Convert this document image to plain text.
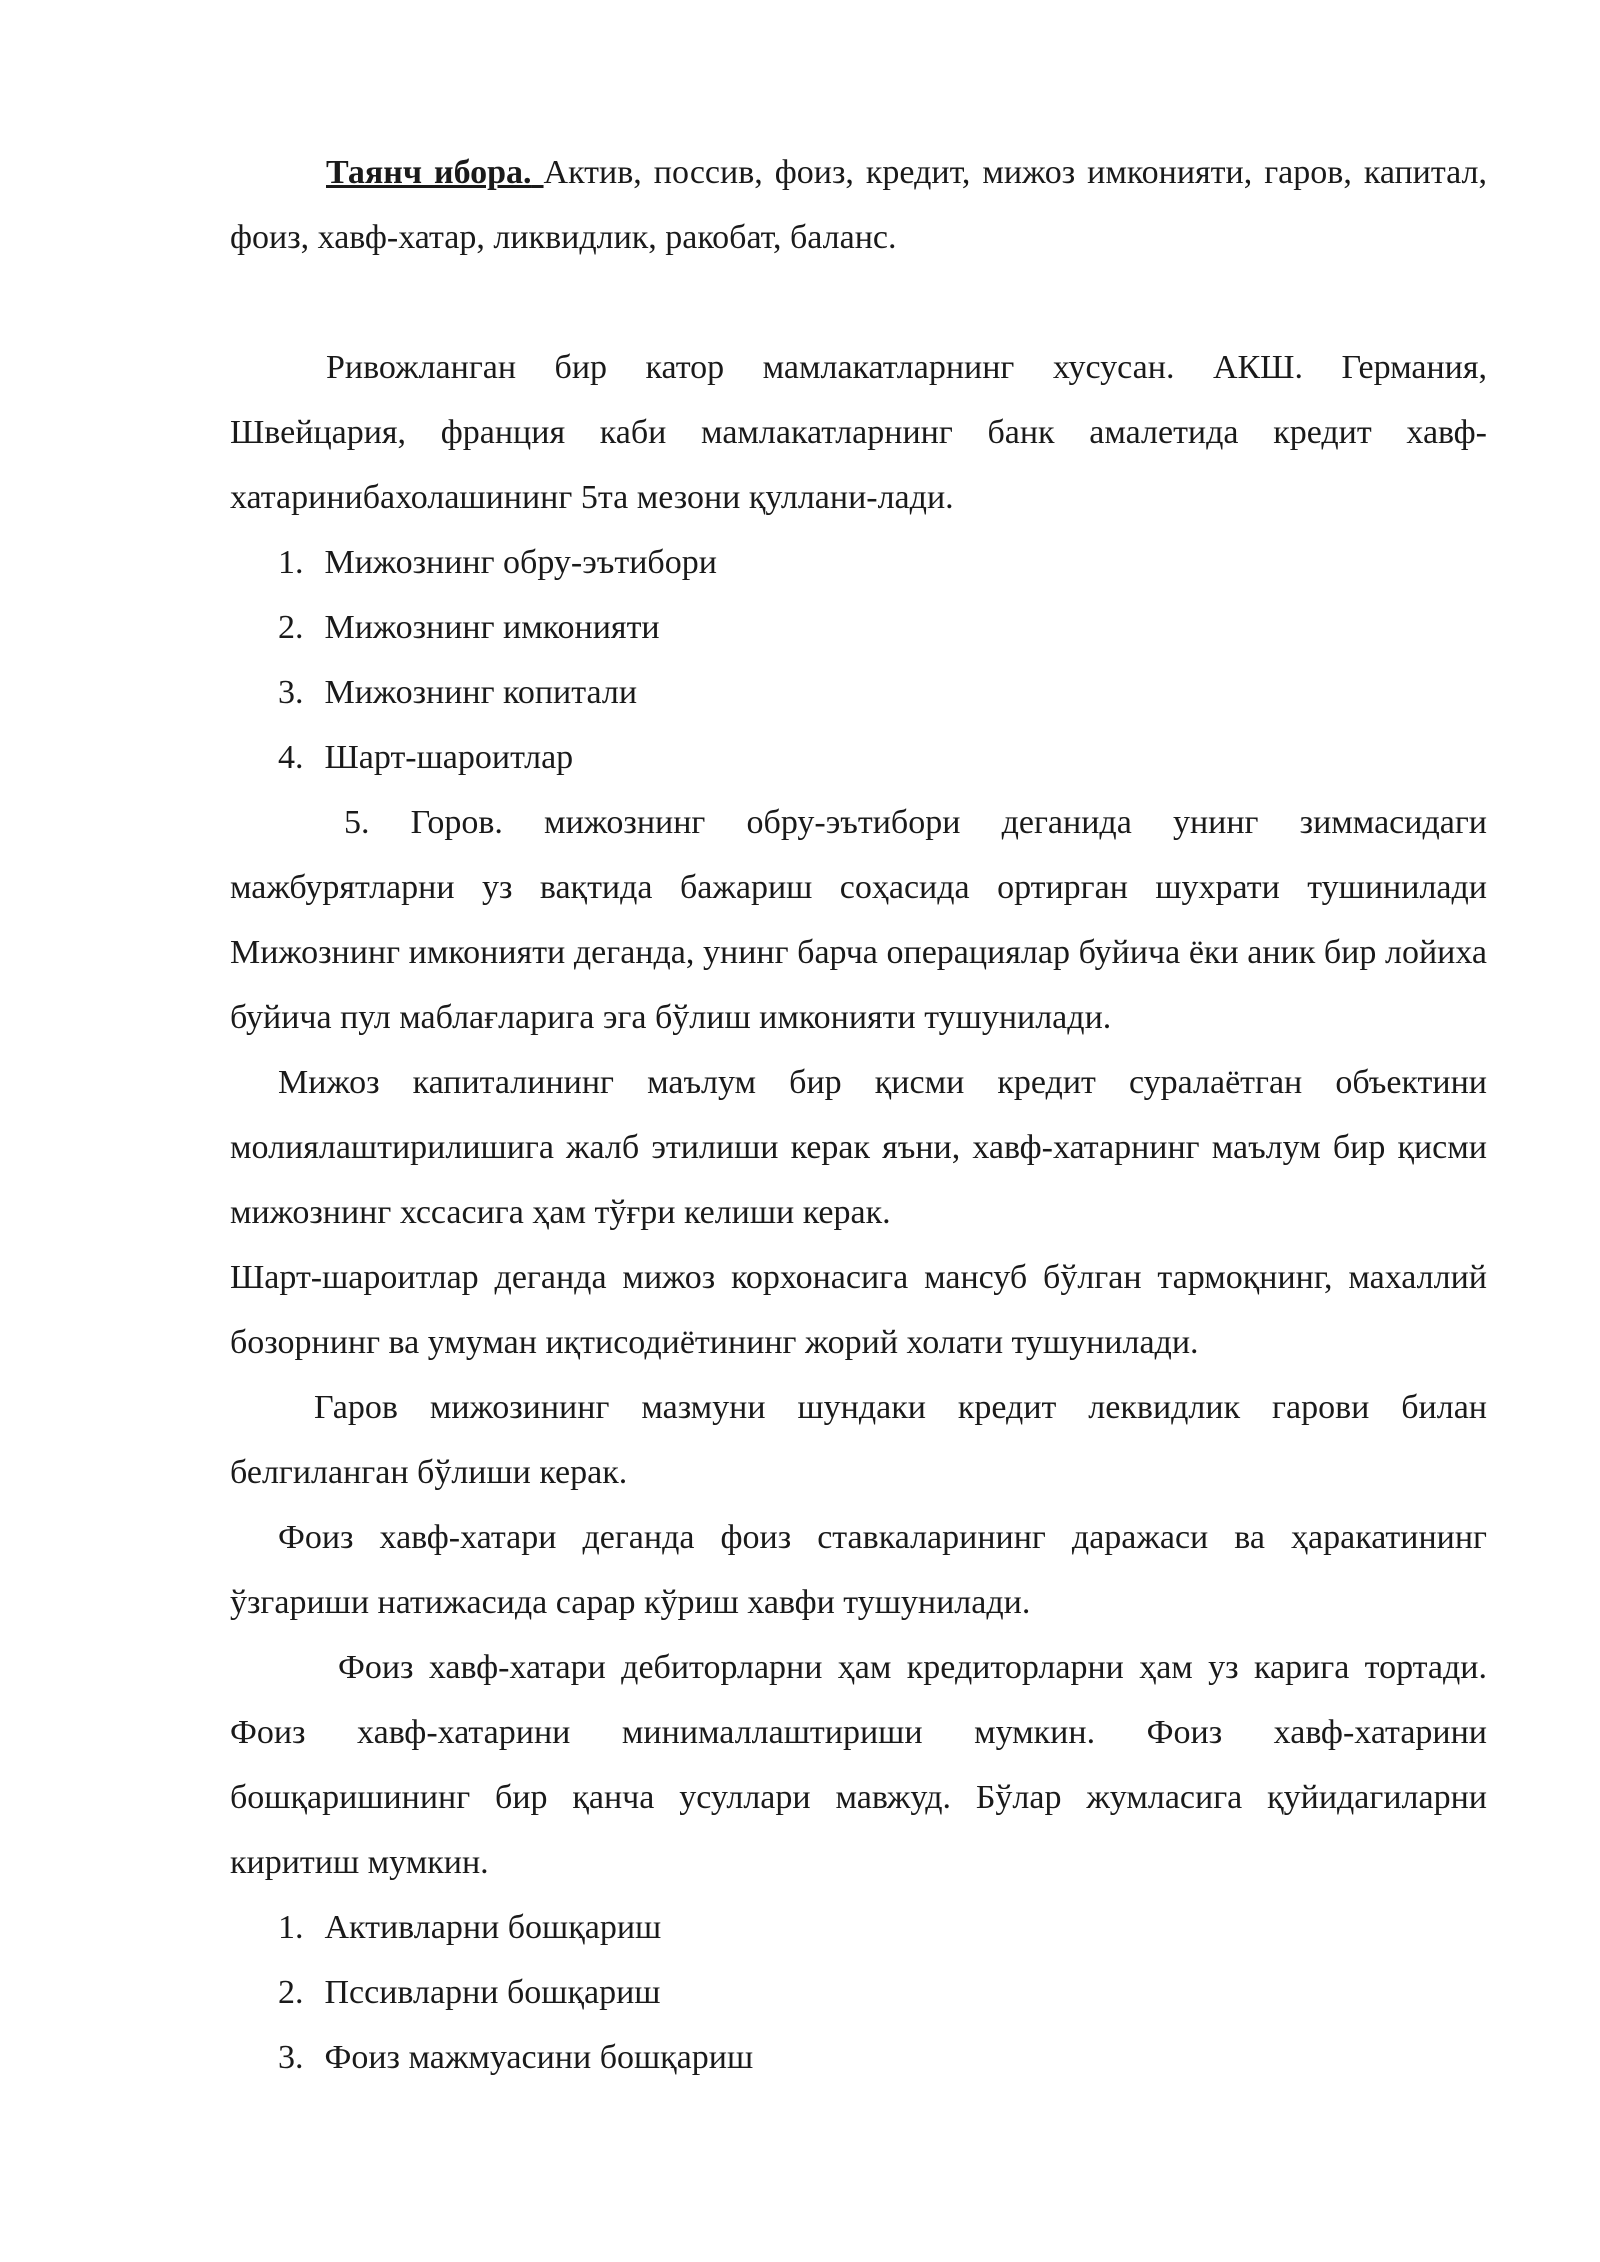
Таянч ибора. Актив, поссив, фоиз, кредит, мижоз имконияти, гаров, капитал, фоиз, хавф-хатар, ликвидлик, ракобат, баланс.

Ривожланган бир катор мамлакатларнинг хусусан. АКШ. Германия, Швейцария, франция каби мамлакатларнинг банк амалетида кредит хавф-хатаринибахолашининг 5та мезони қуллани-лади.

1. Мижознинг обру-эътибори
2. Мижознинг имконияти
3. Мижознинг копитали
4. Шарт-шароитлар

5. Горов. мижознинг обру-эътибори деганида унинг зиммасидаги мажбурятларни уз вақтида бажариш соҳасида ортирган шухрати тушинилади Мижознинг имконияти деганда, унинг барча операциялар буйича ёки аник бир лойиха буйича пул маблағларига эга бўлиш имконияти тушунилади.

Мижоз капиталининг маълум бир қисми кредит суралаётган объектини молиялаштирилишига жалб этилиши керак яъни, хавф-хатарнинг маълум бир қисми мижознинг хссасига ҳам тўғри келиши керак.

Шарт-шароитлар деганда мижоз корхонасига мансуб бўлган тармоқнинг, махаллий бозорнинг ва умуман иқтисодиётининг жорий холати тушунилади.

Гаров мижозининг мазмуни шундаки кредит леквидлик гарови билан белгиланган бўлиши керак.

Фоиз хавф-хатари деганда фоиз ставкаларининг даражаси ва ҳаракатининг ўзгариши натижасида сарар кўриш хавфи тушунилади.

Фоиз хавф-хатари дебиторларни ҳам кредиторларни ҳам уз карига тортади. Фоиз хавф-хатарини минималлаштириши мумкин. Фоиз хавф-хатарини бошқаришининг бир қанча усуллари мавжуд. Бўлар жумласига қуйидагиларни киритиш мумкин.

1. Активларни бошқариш
2. Пссивларни бошқариш
3. Фоиз мажмуасини бошқариш
